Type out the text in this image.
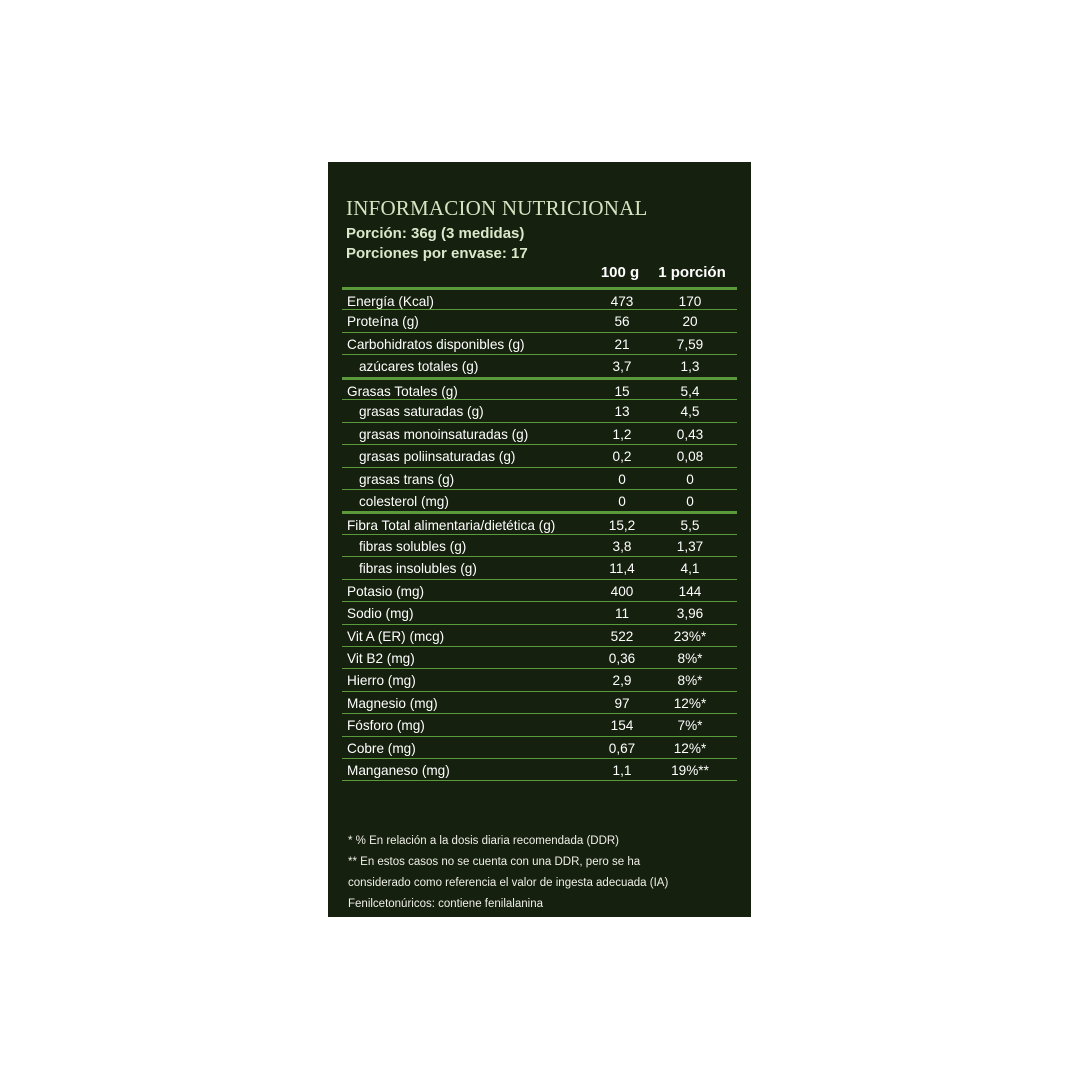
INFORMACION NUTRICIONAL
Porción: 36g (3 medidas)
Porciones por envase: 17
100 g	1 porción
Energía (Kcal)	473	170
Proteína (g)	56	20
Carbohidratos disponibles (g)	21	7,59
azúcares totales (g)	3,7	1,3
Grasas Totales (g)	15	5,4
grasas saturadas (g)	13	4,5
grasas monoinsaturadas (g)	1,2	0,43
grasas poliinsaturadas (g)	0,2	0,08
grasas trans (g)	0	0
colesterol (mg)	0	0
Fibra Total alimentaria/dietética (g)	15,2	5,5
fibras solubles (g)	3,8	1,37
fibras insolubles (g)	11,4	4,1
Potasio (mg)	400	144
Sodio (mg)	11	3,96
Vit A (ER) (mcg)	522	23%*
Vit B2 (mg)	0,36	8%*
Hierro (mg)	2,9	8%*
Magnesio (mg)	97	12%*
Fósforo (mg)	154	7%*
Cobre (mg)	0,67	12%*
Manganeso (mg)	1,1	19%**
* % En relación a la dosis diaria recomendada (DDR)
** En estos casos no se cuenta con una DDR, pero se ha
considerado como referencia el valor de ingesta adecuada (IA)
Fenilcetonúricos: contiene fenilalanina
